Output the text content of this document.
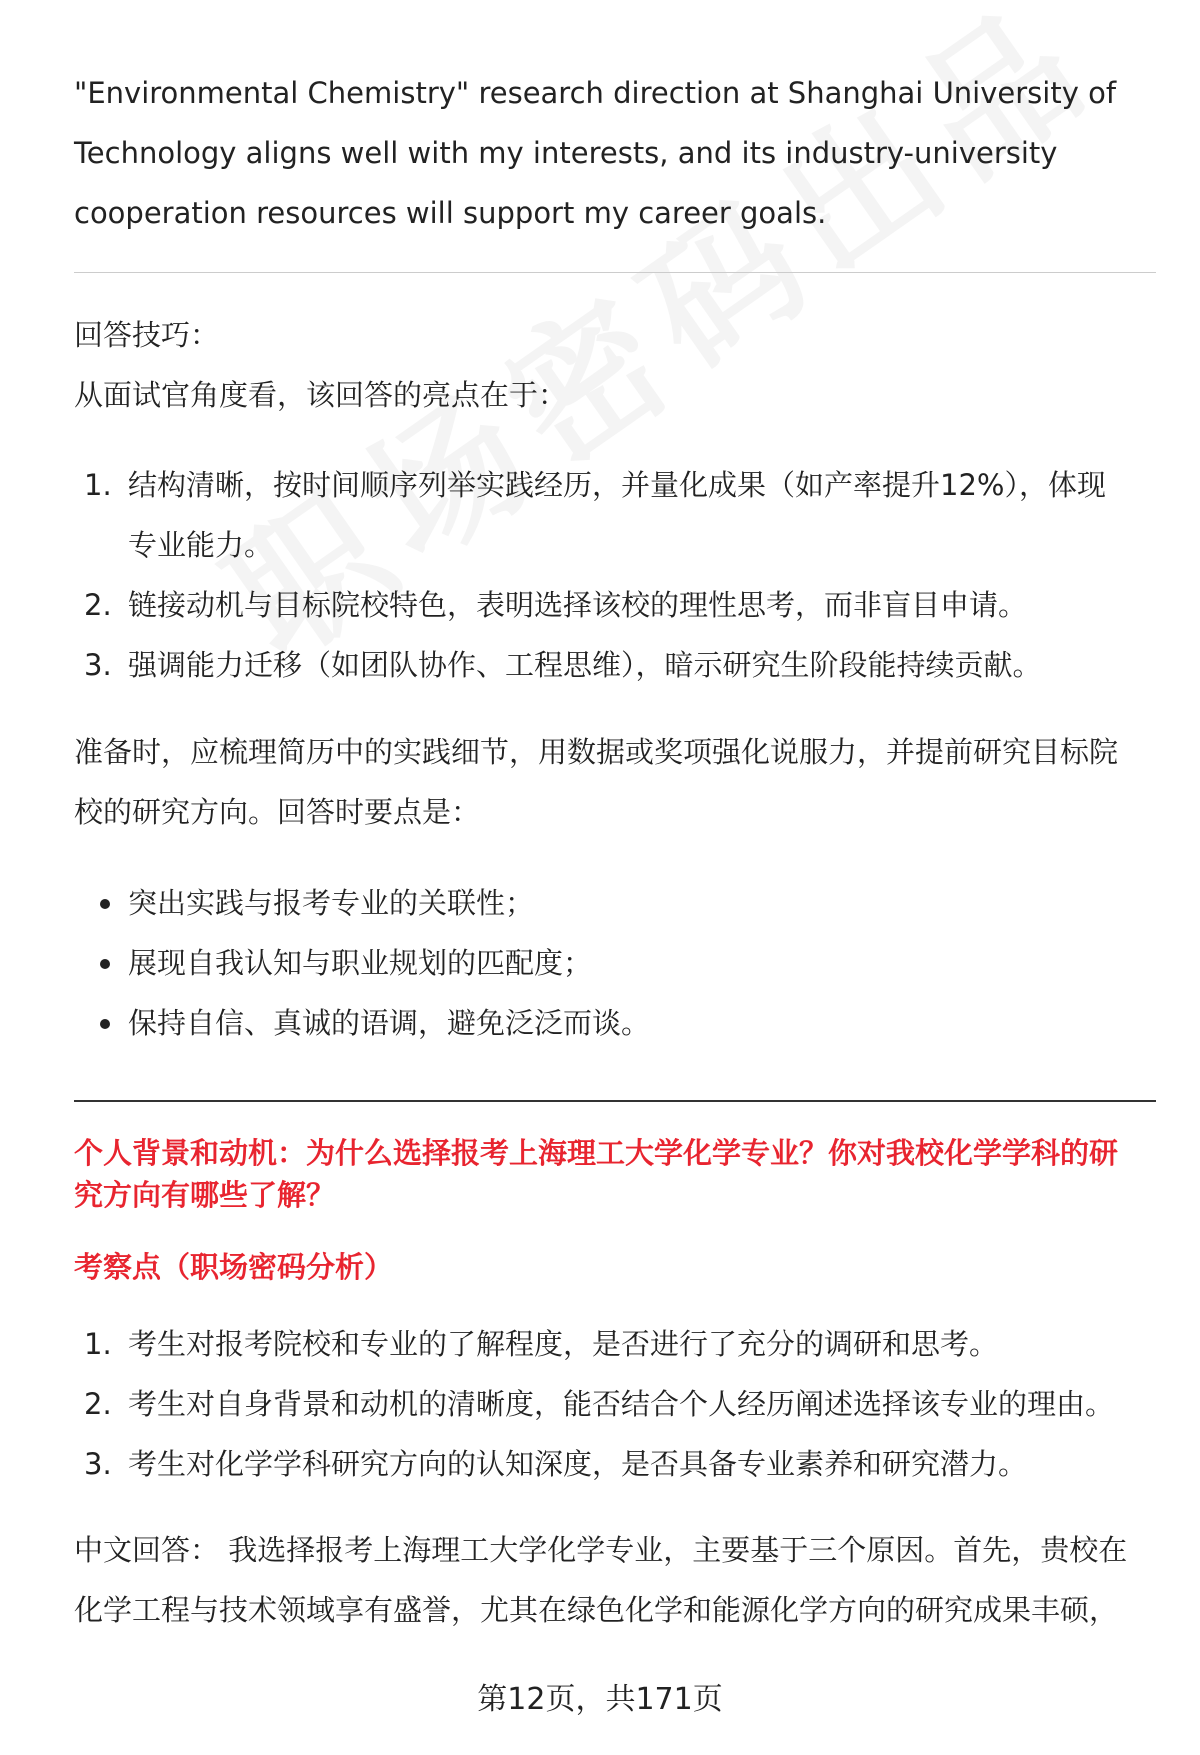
"Environmental Chemistry" research direction at Shanghai University of
Technology aligns well with my interests, and its industry-university
cooperation resources will support my career goals.

回答技巧：

从面试官角度看，该回答的亮点在于：

1. 结构清晰，按时间顺序列举实践经历，并量化成果（如产率提升12%），体现
专业能力。
2. 链接动机与目标院校特色，表明选择该校的理性思考，而非盲目申请。
3. 强调能力迁移（如团队协作、工程思维），暗示研究生阶段能持续贡献。

准备时，应梳理简历中的实践细节，用数据或奖项强化说服力，并提前研究目标院
校的研究方向。回答时要点是：

突出实践与报考专业的关联性；
展现自我认知与职业规划的匹配度；
保持自信、真诚的语调，避免泛泛而谈。

个人背景和动机：为什么选择报考上海理工大学化学专业？你对我校化学学科的研
究方向有哪些了解？

考察点（职场密码分析）

1. 考生对报考院校和专业的了解程度，是否进行了充分的调研和思考。
2. 考生对自身背景和动机的清晰度，能否结合个人经历阐述选择该专业的理由。
3. 考生对化学学科研究方向的认知深度，是否具备专业素养和研究潜力。

中文回答： 我选择报考上海理工大学化学专业，主要基于三个原因。首先，贵校在
化学工程与技术领域享有盛誉，尤其在绿色化学和能源化学方向的研究成果丰硕，

第12页，共171页
